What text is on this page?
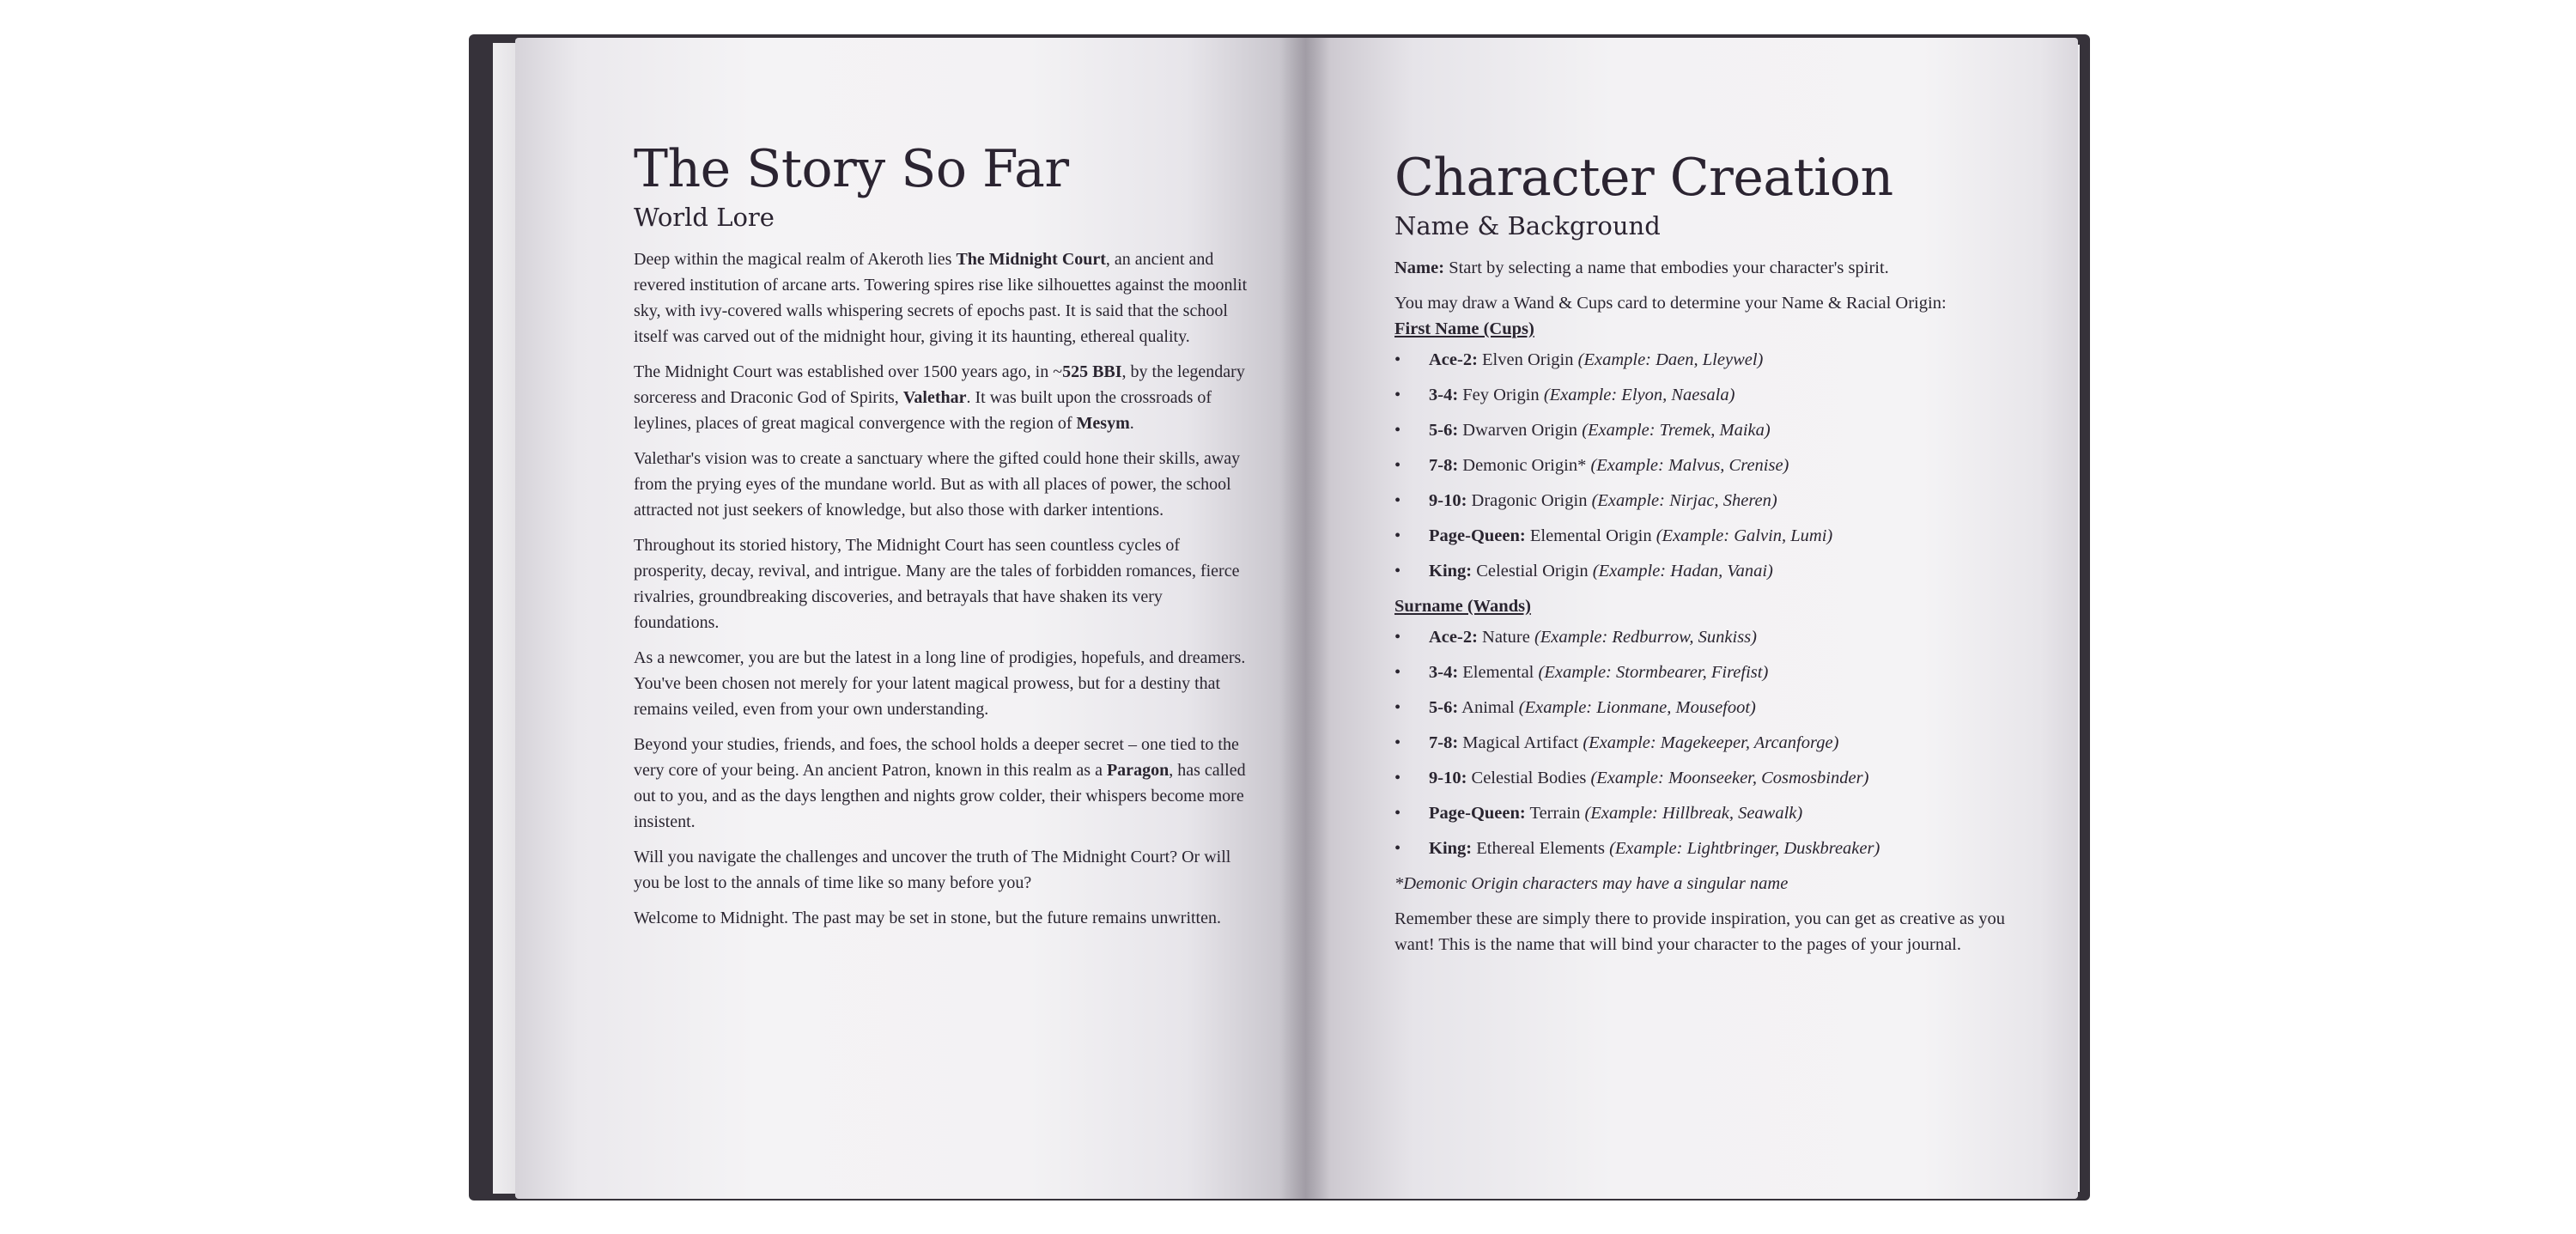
The Story So Far
World Lore

Deep within the magical realm of Akeroth lies The Midnight Court, an ancient and revered institution of arcane arts. Towering spires rise like silhouettes against the moonlit sky, with ivy-covered walls whispering secrets of epochs past. It is said that the school itself was carved out of the midnight hour, giving it its haunting, ethereal quality.

The Midnight Court was established over 1500 years ago, in ~525 BBI, by the legendary sorceress and Draconic God of Spirits, Valethar. It was built upon the crossroads of leylines, places of great magical convergence with the region of Mesym.

Valethar's vision was to create a sanctuary where the gifted could hone their skills, away from the prying eyes of the mundane world. But as with all places of power, the school attracted not just seekers of knowledge, but also those with darker intentions.

Throughout its storied history, The Midnight Court has seen countless cycles of prosperity, decay, revival, and intrigue. Many are the tales of forbidden romances, fierce rivalries, groundbreaking discoveries, and betrayals that have shaken its very foundations.

As a newcomer, you are but the latest in a long line of prodigies, hopefuls, and dreamers. You've been chosen not merely for your latent magical prowess, but for a destiny that remains veiled, even from your own understanding.

Beyond your studies, friends, and foes, the school holds a deeper secret – one tied to the very core of your being. An ancient Patron, known in this realm as a Paragon, has called out to you, and as the days lengthen and nights grow colder, their whispers become more insistent.

Will you navigate the challenges and uncover the truth of The Midnight Court? Or will you be lost to the annals of time like so many before you?

Welcome to Midnight. The past may be set in stone, but the future remains unwritten.

Character Creation
Name & Background

Name: Start by selecting a name that embodies your character's spirit.

You may draw a Wand & Cups card to determine your Name & Racial Origin:

First Name (Cups)
• Ace-2: Elven Origin (Example: Daen, Lleywel)
• 3-4: Fey Origin (Example: Elyon, Naesala)
• 5-6: Dwarven Origin (Example: Tremek, Maika)
• 7-8: Demonic Origin* (Example: Malvus, Crenise)
• 9-10: Dragonic Origin (Example: Nirjac, Sheren)
• Page-Queen: Elemental Origin (Example: Galvin, Lumi)
• King: Celestial Origin (Example: Hadan, Vanai)
Surname (Wands)
• Ace-2: Nature (Example: Redburrow, Sunkiss)
• 3-4: Elemental (Example: Stormbearer, Firefist)
• 5-6: Animal (Example: Lionmane, Mousefoot)
• 7-8: Magical Artifact (Example: Magekeeper, Arcanforge)
• 9-10: Celestial Bodies (Example: Moonseeker, Cosmosbinder)
• Page-Queen: Terrain (Example: Hillbreak, Seawalk)
• King: Ethereal Elements (Example: Lightbringer, Duskbreaker)

*Demonic Origin characters may have a singular name

Remember these are simply there to provide inspiration, you can get as creative as you want! This is the name that will bind your character to the pages of your journal.
